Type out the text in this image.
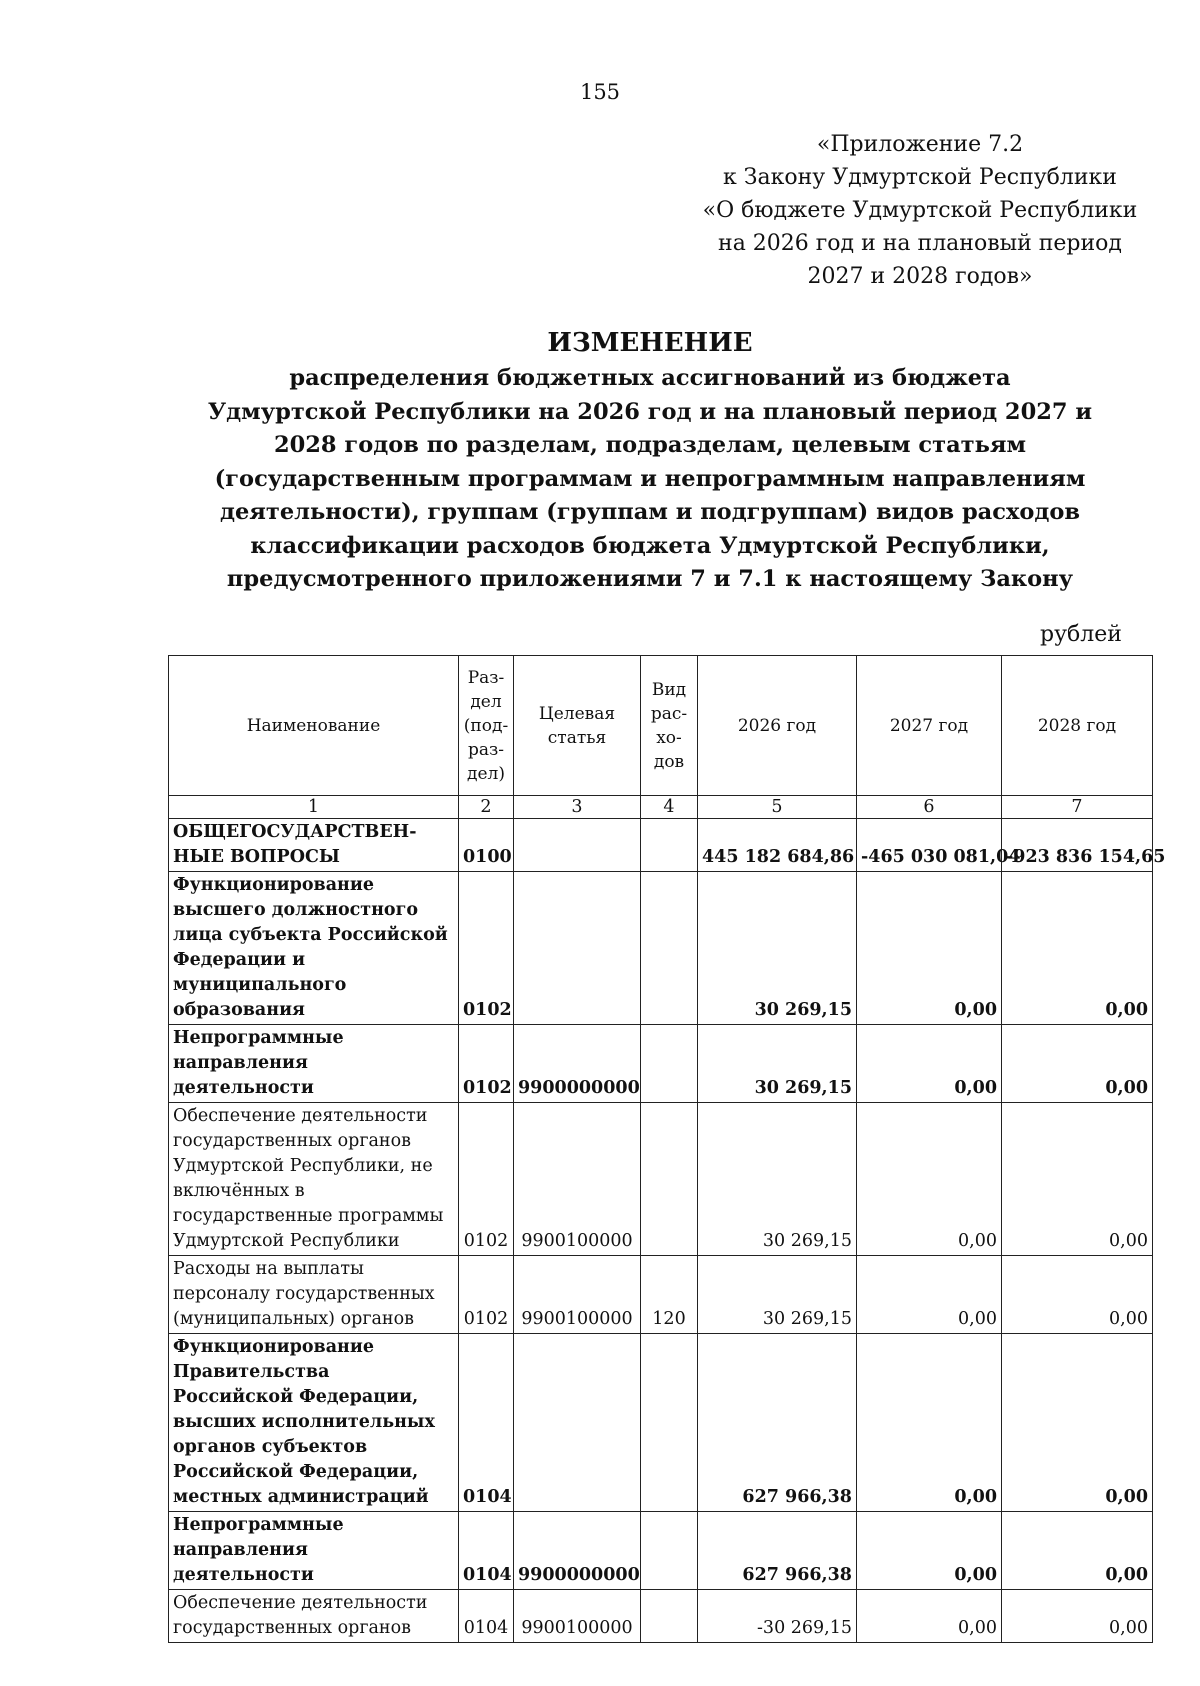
155
«Приложение 7.2
к Закону Удмуртской Республики
«О бюджете Удмуртской Республики
на 2026 год и на плановый период
2027 и 2028 годов»
ИЗМЕНЕНИЕ
распределения бюджетных ассигнований из бюджета
Удмуртской Республики на 2026 год и на плановый период 2027 и
2028 годов по разделам, подразделам, целевым статьям
(государственным программам и непрограммным направлениям
деятельности), группам (группам и подгруппам) видов расходов
классификации расходов бюджета Удмуртской Республики,
предусмотренного приложениями 7 и 7.1 к настоящему Закону
рублей
Наименование	Раз-дел (под-раз-дел)	Целевая статья	Вид рас-хо-дов	2026 год	2027 год	2028 год
1	2	3	4	5	6	7
ОБЩЕГОСУДАРСТВЕН-НЫЕ ВОПРОСЫ	0100			445 182 684,86	-465 030 081,04	-923 836 154,65
Функционирование высшего должностного лица субъекта Российской Федерации и муниципального образования	0102			30 269,15	0,00	0,00
Непрограммные направления деятельности	0102	9900000000		30 269,15	0,00	0,00
Обеспечение деятельности государственных органов Удмуртской Республики, не включённых в государственные программы Удмуртской Республики	0102	9900100000		30 269,15	0,00	0,00
Расходы на выплаты персоналу государственных (муниципальных) органов	0102	9900100000	120	30 269,15	0,00	0,00
Функционирование Правительства Российской Федерации, высших исполнительных органов субъектов Российской Федерации, местных администраций	0104			627 966,38	0,00	0,00
Непрограммные направления деятельности	0104	9900000000		627 966,38	0,00	0,00
Обеспечение деятельности государственных органов	0104	9900100000		-30 269,15	0,00	0,00
